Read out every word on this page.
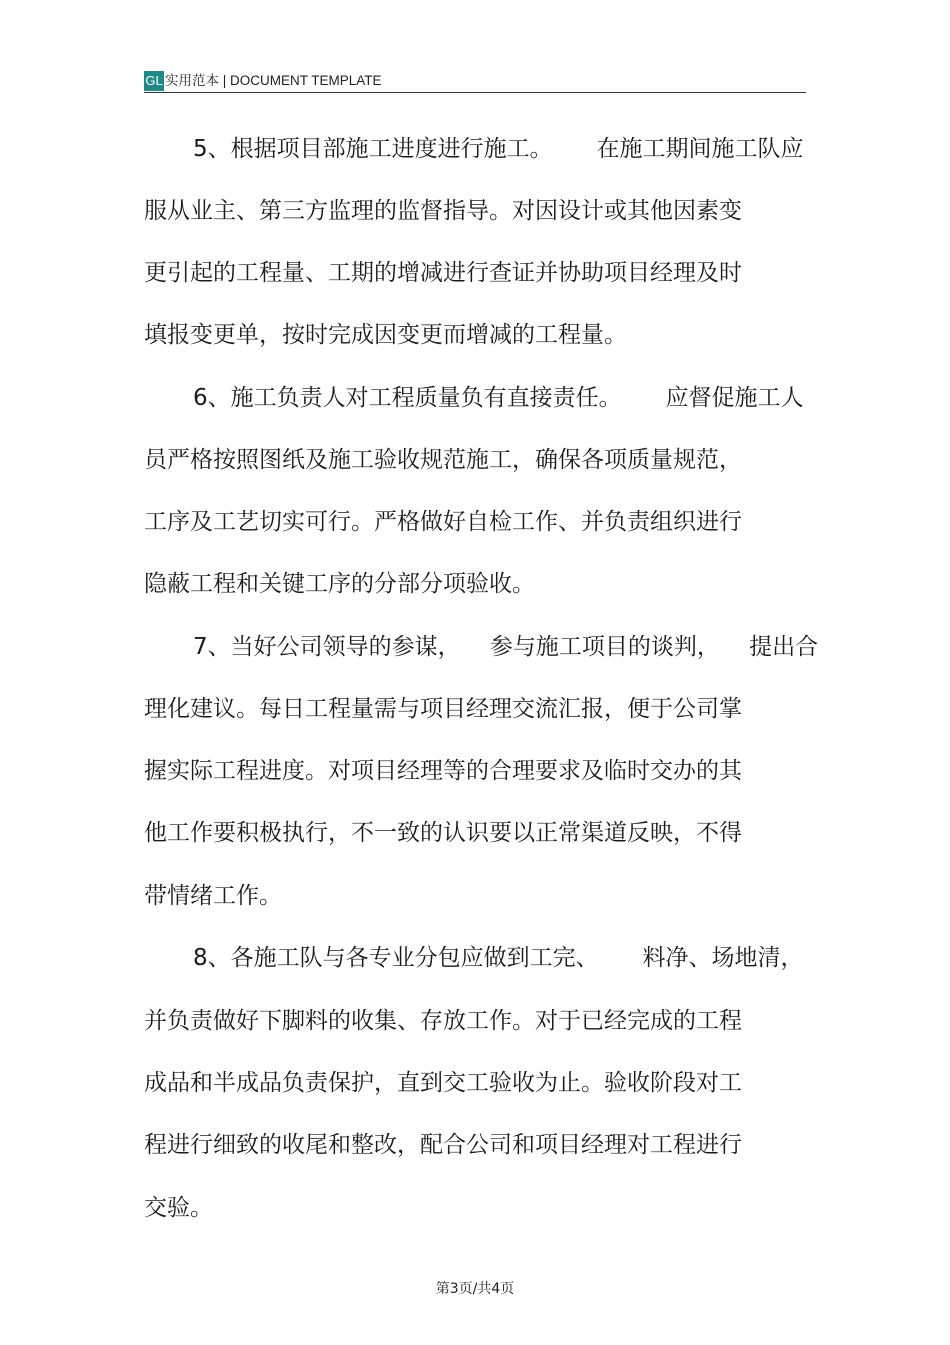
GL 实用范本 | DOCUMENT TEMPLATE
5、根据项目部施工进度进行施工。      在施工期间施工队应
服从业主、第三方监理的监督指导。对因设计或其他因素变
更引起的工程量、工期的增减进行查证并协助项目经理及时
填报变更单，按时完成因变更而增减的工程量。
6、施工负责人对工程质量负有直接责任。      应督促施工人
员严格按照图纸及施工验收规范施工，确保各项质量规范，
工序及工艺切实可行。严格做好自检工作、并负责组织进行
隐蔽工程和关键工序的分部分项验收。
7、当好公司领导的参谋，    参与施工项目的谈判，    提出合
理化建议。每日工程量需与项目经理交流汇报，便于公司掌
握实际工程进度。对项目经理等的合理要求及临时交办的其
他工作要积极执行，不一致的认识要以正常渠道反映，不得
带情绪工作。
8、各施工队与各专业分包应做到工完、      料净、场地清，
并负责做好下脚料的收集、存放工作。对于已经完成的工程
成品和半成品负责保护，直到交工验收为止。验收阶段对工
程进行细致的收尾和整改，配合公司和项目经理对工程进行
交验。
第3页/共4页
